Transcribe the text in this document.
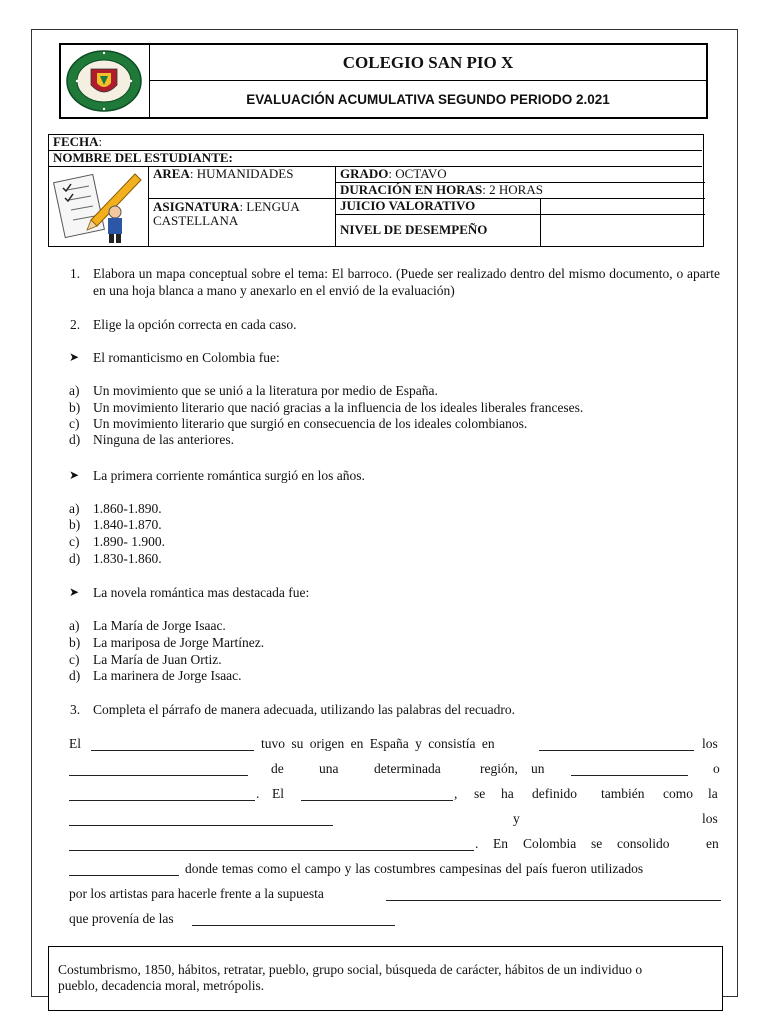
COLEGIO SAN PIO X
EVALUACIÓN ACUMULATIVA SEGUNDO PERIODO 2.021
FECHA:
NOMBRE DEL ESTUDIANTE:
AREA: HUMANIDADES
ASIGNATURA: LENGUA
CASTELLANA
GRADO: OCTAVO
DURACIÓN EN HORAS: 2 HORAS
JUICIO VALORATIVO
NIVEL DE DESEMPEÑO
1. Elabora un mapa conceptual sobre el tema: El barroco. (Puede ser realizado dentro del mismo documento, o aparte en una hoja blanca a mano y anexarlo en el envió de la evaluación)
2. Elige la opción correcta en cada caso.
➤ El romanticismo en Colombia fue:
a) Un movimiento que se unió a la literatura por medio de España.
b) Un movimiento literario que nació gracias a la influencia de los ideales liberales franceses.
c) Un movimiento literario que surgió en consecuencia de los ideales colombianos.
d) Ninguna de las anteriores.
➤ La primera corriente romántica surgió en los años.
a) 1.860-1.890.
b) 1.840-1.870.
c) 1.890- 1.900.
d) 1.830-1.860.
➤ La novela romántica mas destacada fue:
a) La María de Jorge Isaac.
b) La mariposa de Jorge Martínez.
c) La María de Juan Ortiz.
d) La marinera de Jorge Isaac.
3. Completa el párrafo de manera adecuada, utilizando las palabras del recuadro.
El	tuvo su origen en España y consistía en	los
de	una	determinada	región, un	o
. El	, se ha definido también como la
y	los
. En Colombia se consolido	en
donde temas como el campo y las costumbres campesinas del país fueron utilizados
por los artistas para hacerle frente a la supuesta
que provenía de las
Costumbrismo, 1850, hábitos, retratar, pueblo, grupo social, búsqueda de carácter, hábitos de un individuo o pueblo, decadencia moral, metrópolis.
